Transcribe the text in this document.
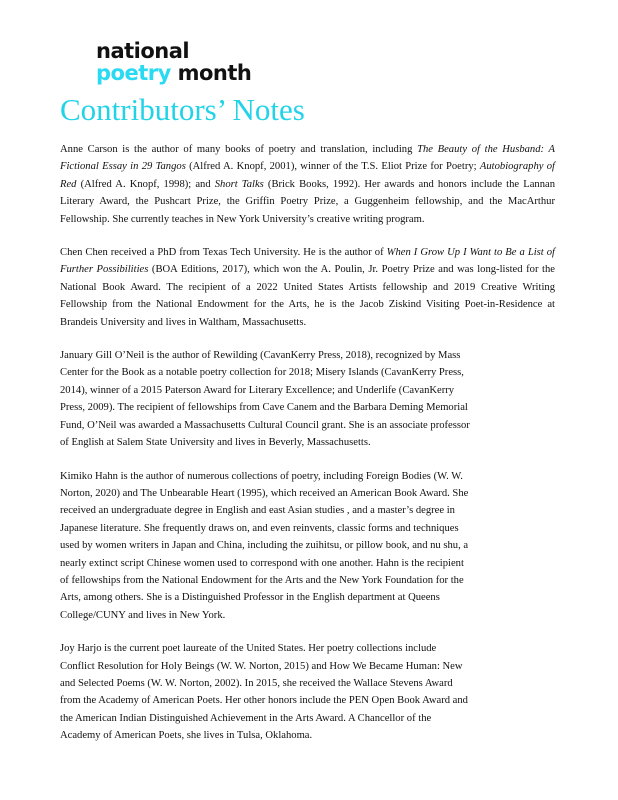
national
poetry month
Contributors’ Notes

Anne Carson is the author of many books of poetry and translation, including The Beauty of the Husband: A Fictional Essay in 29 Tangos (Alfred A. Knopf, 2001), winner of the T.S. Eliot Prize for Poetry; Autobiography of Red (Alfred A. Knopf, 1998); and Short Talks (Brick Books, 1992). Her awards and honors include the Lannan Literary Award, the Pushcart Prize, the Griffin Poetry Prize, a Guggenheim fellowship, and the MacArthur Fellowship. She currently teaches in New York University’s creative writing program.

Chen Chen received a PhD from Texas Tech University. He is the author of When I Grow Up I Want to Be a List of Further Possibilities (BOA Editions, 2017), which won the A. Poulin, Jr. Poetry Prize and was long-listed for the National Book Award. The recipient of a 2022 United States Artists fellowship and 2019 Creative Writing Fellowship from the National Endowment for the Arts, he is the Jacob Ziskind Visiting Poet-in-Residence at Brandeis University and lives in Waltham, Massachusetts.

January Gill O’Neil is the author of Rewilding (CavanKerry Press, 2018), recognized by Mass Center for the Book as a notable poetry collection for 2018; Misery Islands (CavanKerry Press, 2014), winner of a 2015 Paterson Award for Literary Excellence; and Underlife (CavanKerry Press, 2009). The recipient of fellowships from Cave Canem and the Barbara Deming Memorial Fund, O’Neil was awarded a Massachusetts Cultural Council grant. She is an associate professor of English at Salem State University and lives in Beverly, Massachusetts.

Kimiko Hahn is the author of numerous collections of poetry, including Foreign Bodies (W. W. Norton, 2020) and The Unbearable Heart (1995), which received an American Book Award. She received an undergraduate degree in English and east Asian studies , and a master’s degree in Japanese literature. She frequently draws on, and even reinvents, classic forms and techniques used by women writers in Japan and China, including the zuihitsu, or pillow book, and nu shu, a nearly extinct script Chinese women used to correspond with one another. Hahn is the recipient of fellowships from the National Endowment for the Arts and the New York Foundation for the Arts, among others. She is a Distinguished Professor in the English department at Queens College/CUNY and lives in New York.

Joy Harjo is the current poet laureate of the United States. Her poetry collections include Conflict Resolution for Holy Beings (W. W. Norton, 2015) and How We Became Human: New and Selected Poems (W. W. Norton, 2002). In 2015, she received the Wallace Stevens Award from the Academy of American Poets. Her other honors include the PEN Open Book Award and the American Indian Distinguished Achievement in the Arts Award. A Chancellor of the Academy of American Poets, she lives in Tulsa, Oklahoma.
